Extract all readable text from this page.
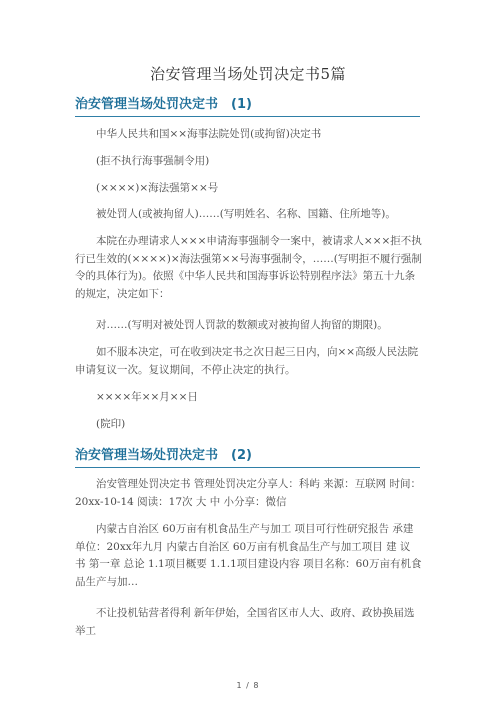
治安管理当场处罚决定书5篇
治安管理当场处罚决定书　(1)

中华人民共和国××海事法院处罚(或拘留)决定书

(拒不执行海事强制令用)

(××××)×海法强第××号

被处罚人(或被拘留人)……(写明姓名、名称、国籍、住所地等)。

本院在办理请求人×××申请海事强制令一案中，被请求人×××拒不执行已生效的(××××)×海法强第××号海事强制令，……(写明拒不履行强制令的具体行为)。依照《中华人民共和国海事诉讼特别程序法》第五十九条的规定，决定如下：

对……(写明对被处罚人罚款的数额或对被拘留人拘留的期限)。

如不服本决定，可在收到决定书之次日起三日内，向××高级人民法院申请复议一次。复议期间，不停止决定的执行。

××××年××月××日

(院印)

治安管理当场处罚决定书　(2)

治安管理处罚决定书 管理处罚决定分享人：科屿 来源：互联网 时间：20xx-10-14 阅读：17次 大 中 小分享：微信

内蒙古自治区 60万亩有机食品生产与加工 项目可行性研究报告 承建单位：20xx年九月 内蒙古自治区 60万亩有机食品生产与加工项目 建 议 书 第一章 总论 1.1项目概要 1.1.1项目建设内容 项目名称：60万亩有机食品生产与加…

不让投机钻营者得利 新年伊始，全国省区市人大、政府、政协换届选举工

1 / 8
